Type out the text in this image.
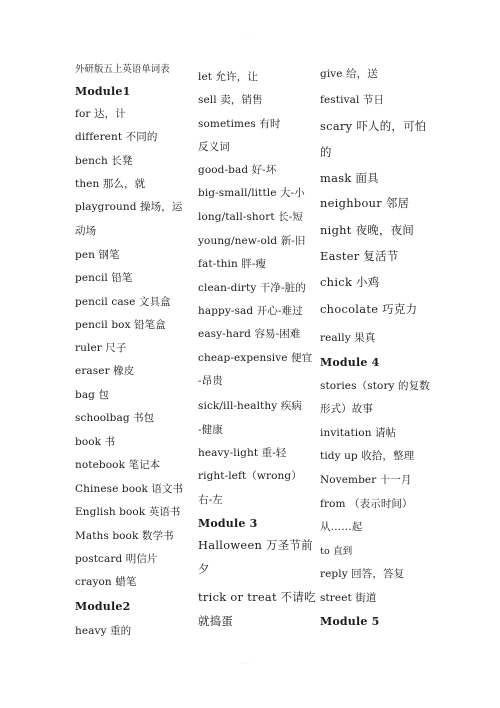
· · ·
外研版五上英语单词表
Module1
for 达，计
different 不同的
bench 长凳
then 那么，就
playground 操场，运
动场
pen 钢笔
pencil 铅笔
pencil case 文具盒
pencil box 铅笔盒
ruler 尺子
eraser 橡皮
bag 包
schoolbag 书包
book 书
notebook 笔记本
Chinese book 语文书
English book 英语书
Maths book 数学书
postcard 明信片
crayon 蜡笔
Module2
heavy 重的
let 允许，让
sell 卖，销售
sometimes 有时
反义词
good-bad 好-坏
big-small/little 大-小
long/tall-short 长-短
young/new-old 新-旧
fat-thin 胖-瘦
clean-dirty 干净-脏的
happy-sad 开心-难过
easy-hard 容易-困难
cheap-expensive 便宜
-昂贵
sick/ill-healthy 疾病
-健康
heavy-light 重-轻
right-left（wrong）
右-左
Module 3
Halloween 万圣节前
夕
trick or treat 不请吃
就捣蛋
give 给，送
festival 节日
scary 吓人的，可怕
的
mask 面具
neighbour 邻居
night 夜晚，夜间
Easter 复活节
chick 小鸡
chocolate 巧克力
really 果真
Module 4
stories（story 的复数
形式）故事
invitation 请帖
tidy up 收拾，整理
November 十一月
from （表示时间）
从……起
to 直到
reply 回答，答复
street 街道
Module 5
· · · ·
